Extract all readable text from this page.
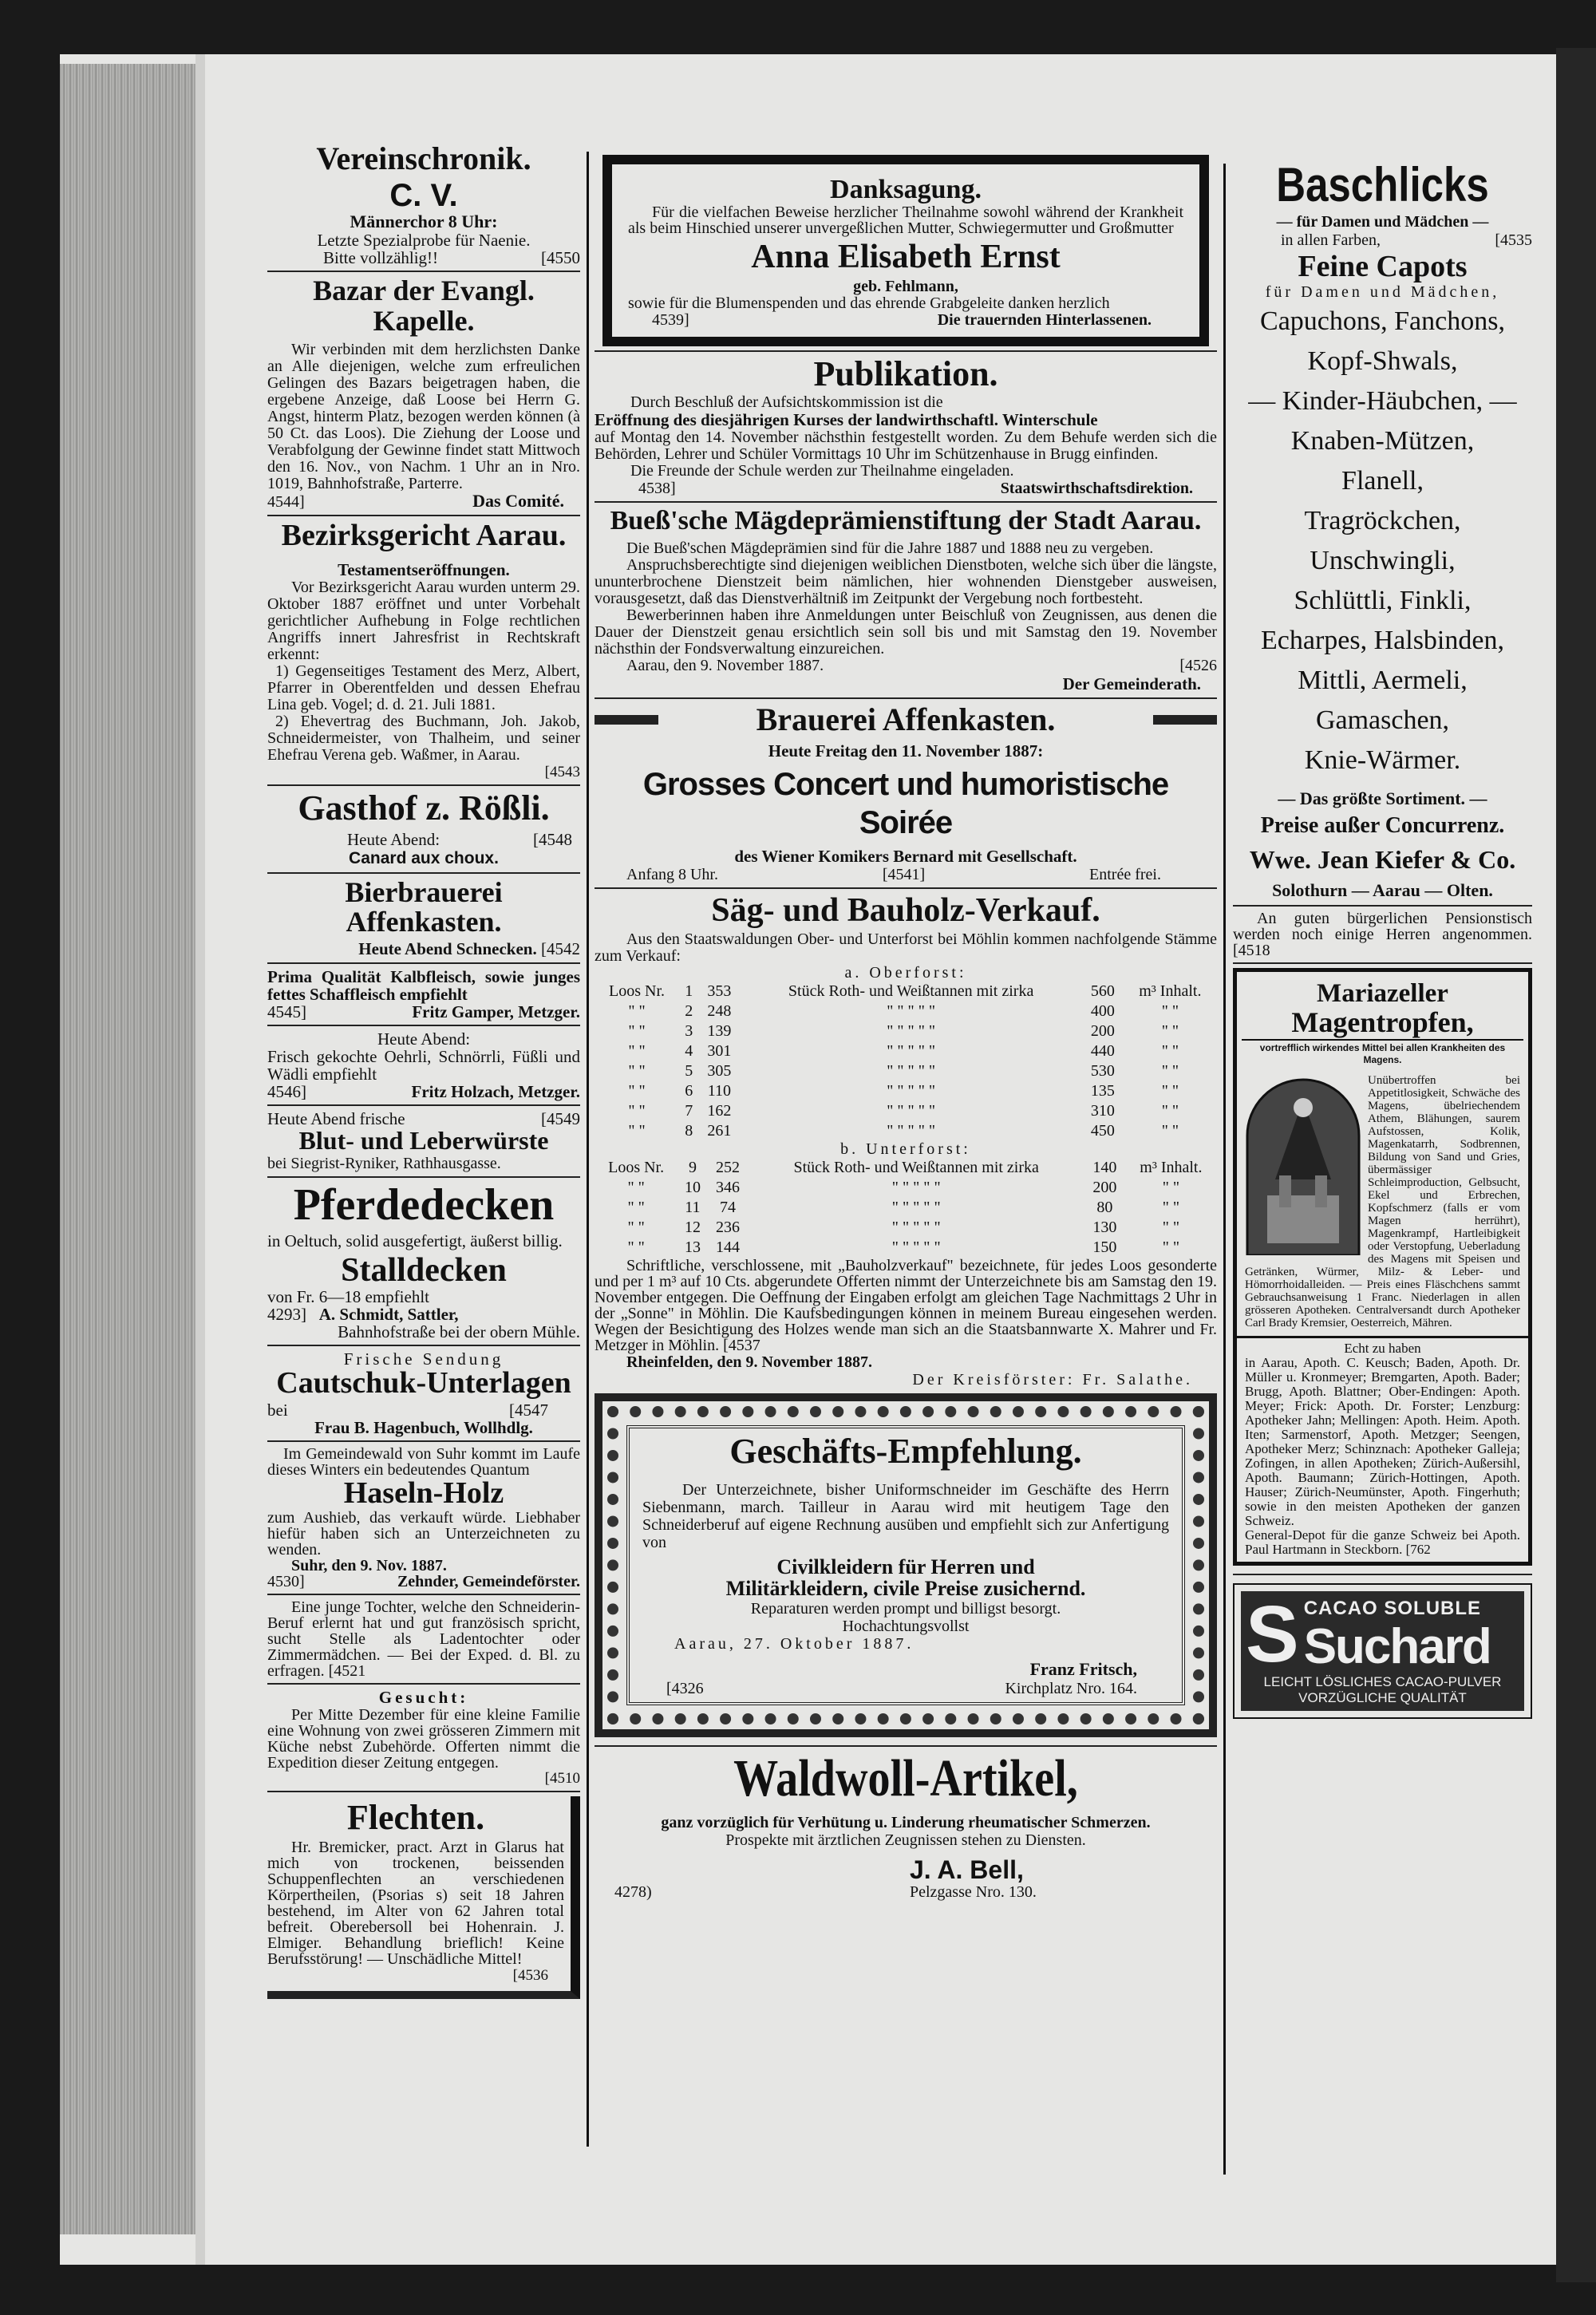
Vereinschronik.
C. V.
Männerchor 8 Uhr:
Letzte Spezialprobe für Naenie.
Bitte vollzählig!!	[4550
Bazar der Evangl. Kapelle.
Wir verbinden mit dem herzlichsten Danke an Alle diejenigen, welche zum erfreulichen Gelingen des Bazars beigetragen haben, die ergebene Anzeige, daß Loose bei Herrn G. Angst, hinterm Platz, bezogen werden können (à 50 Ct. das Loos). Die Ziehung der Loose und Verabfolgung der Gewinne findet statt Mittwoch den 16. Nov., von Nachm. 1 Uhr an in Nro. 1019, Bahnhofstraße, Parterre.
4544]	Das Comité.
Bezirksgericht Aarau.
Testamentseröffnungen.
Vor Bezirksgericht Aarau wurden unterm 29. Oktober 1887 eröffnet und unter Vorbehalt gerichtlicher Aufhebung in Folge rechtlichen Angriffs innert Jahresfrist in Rechtskraft erkennt:
1) Gegenseitiges Testament des Merz, Albert, Pfarrer in Oberentfelden und dessen Ehefrau Lina geb. Vogel; d. d. 21. Juli 1881.
2) Ehevertrag des Buchmann, Joh. Jakob, Schneidermeister, von Thalheim, und seiner Ehefrau Verena geb. Waßmer, in Aarau.
[4543
Gasthof z. Rößli.
Heute Abend:	[4548
Canard aux choux.
Bierbrauerei Affenkasten.
Heute Abend Schnecken. [4542
Prima Qualität Kalbfleisch, sowie junges fettes Schaffleisch empfiehlt
4545]	Fritz Gamper, Metzger.
Heute Abend:
Frisch gekochte Oehrli, Schnörrli, Füßli und Wädli empfiehlt
4546]	Fritz Holzach, Metzger.
Heute Abend frische	[4549
Blut- und Leberwürste
bei Siegrist-Ryniker, Rathhausgasse.
Pferdedecken
in Oeltuch, solid ausgefertigt, äußerst billig.
Stalldecken
von Fr. 6—18 empfiehlt
4293] A. Schmidt, Sattler,
Bahnhofstraße bei der obern Mühle.
Frische Sendung
Cautschuk-Unterlagen
bei	[4547
Frau B. Hagenbuch, Wollhdlg.
Im Gemeindewald von Suhr kommt im Laufe dieses Winters ein bedeutendes Quantum
Haseln-Holz
zum Aushieb, das verkauft würde. Liebhaber hiefür haben sich an Unterzeichneten zu wenden.
Suhr, den 9. Nov. 1887.
4530]	Zehnder, Gemeindeförster.
Eine junge Tochter, welche den Schneiderin-Beruf erlernt hat und gut französisch spricht, sucht Stelle als Ladentochter oder Zimmermädchen. — Bei der Exped. d. Bl. zu erfragen. [4521
Gesucht:
Per Mitte Dezember für eine kleine Familie eine Wohnung von zwei grösseren Zimmern mit Küche nebst Zubehörde. Offerten nimmt die Expedition dieser Zeitung entgegen.
[4510
Flechten.
Hr. Bremicker, pract. Arzt in Glarus hat mich von trockenen, beissenden Schuppenflechten an verschiedenen Körpertheilen, (Psorias s) seit 18 Jahren bestehend, im Alter von 62 Jahren total befreit. Oberebersoll bei Hohenrain. J. Elmiger. Behandlung brieflich! Keine Berufsstörung! — Unschädliche Mittel!
[4536
Danksagung.
Für die vielfachen Beweise herzlicher Theilnahme sowohl während der Krankheit als beim Hinschied unserer unvergeßlichen Mutter, Schwiegermutter und Großmutter
Anna Elisabeth Ernst
geb. Fehlmann,
sowie für die Blumenspenden und das ehrende Grabgeleite danken herzlich
4539]	Die trauernden Hinterlassenen.
Publikation.
Durch Beschluß der Aufsichtskommission ist die
Eröffnung des diesjährigen Kurses der landwirthschaftl. Winterschule
auf Montag den 14. November nächsthin festgestellt worden. Zu dem Behufe werden sich die Behörden, Lehrer und Schüler Vormittags 10 Uhr im Schützenhause in Brugg einfinden.
Die Freunde der Schule werden zur Theilnahme eingeladen.
4538]	Staatswirthschaftsdirektion.
Bueß'sche Mägdeprämienstiftung der Stadt Aarau.
Die Bueß'schen Mägdeprämien sind für die Jahre 1887 und 1888 neu zu vergeben.
Anspruchsberechtigte sind diejenigen weiblichen Dienstboten, welche sich über die längste, ununterbrochene Dienstzeit beim nämlichen, hier wohnenden Dienstgeber ausweisen, vorausgesetzt, daß das Dienstverhältniß im Zeitpunkt der Vergebung noch fortbesteht.
Bewerberinnen haben ihre Anmeldungen unter Beischluß von Zeugnissen, aus denen die Dauer der Dienstzeit genau ersichtlich sein soll bis und mit Samstag den 19. November nächsthin der Fondsverwaltung einzureichen.
Aarau, den 9. November 1887.	[4526
Der Gemeinderath.
Brauerei Affenkasten.
Heute Freitag den 11. November 1887:
Grosses Concert und humoristische Soirée
des Wiener Komikers Bernard mit Gesellschaft.
Anfang 8 Uhr.	[4541]	Entrée frei.
Säg- und Bauholz-Verkauf.
Aus den Staatswaldungen Ober- und Unterforst bei Möhlin kommen nachfolgende Stämme zum Verkauf:
a. Oberforst:
Loos Nr.	1	353	Stück Roth- und Weißtannen mit zirka	560	m³ Inhalt.
" "	2	248	" " " " "	400	" "
" "	3	139	" " " " "	200	" "
" "	4	301	" " " " "	440	" "
" "	5	305	" " " " "	530	" "
" "	6	110	" " " " "	135	" "
" "	7	162	" " " " "	310	" "
" "	8	261	" " " " "	450	" "
b. Unterforst:
Loos Nr.	9	252	Stück Roth- und Weißtannen mit zirka	140	m³ Inhalt.
" "	10	346	" " " " "	200	" "
" "	11	74	" " " " "	80	" "
" "	12	236	" " " " "	130	" "
" "	13	144	" " " " "	150	" "
Schriftliche, verschlossene, mit „Bauholzverkauf" bezeichnete, für jedes Loos gesonderte und per 1 m³ auf 10 Cts. abgerundete Offerten nimmt der Unterzeichnete bis am Samstag den 19. November entgegen. Die Oeffnung der Eingaben erfolgt am gleichen Tage Nachmittags 2 Uhr in der „Sonne" in Möhlin. Die Kaufsbedingungen können in meinem Bureau eingesehen werden. Wegen der Besichtigung des Holzes wende man sich an die Staatsbannwarte X. Mahrer und Fr. Metzger in Möhlin. [4537
Rheinfelden, den 9. November 1887.
Der Kreisförster: Fr. Salathe.
Geschäfts-Empfehlung.
Der Unterzeichnete, bisher Uniformschneider im Geschäfte des Herrn Siebenmann, march. Tailleur in Aarau wird mit heutigem Tage den Schneiderberuf auf eigene Rechnung ausüben und empfiehlt sich zur Anfertigung von
Civilkleidern für Herren und
Militärkleidern, civile Preise zusichernd.
Reparaturen werden prompt und billigst besorgt.
Hochachtungsvollst
Aarau, 27. Oktober 1887.
Franz Fritsch,
[4326	Kirchplatz Nro. 164.
Waldwoll-Artikel,
ganz vorzüglich für Verhütung u. Linderung rheumatischer Schmerzen.
Prospekte mit ärztlichen Zeugnissen stehen zu Diensten.
J. A. Bell,
4278)	Pelzgasse Nro. 130.
Baschlicks
— für Damen und Mädchen —
in allen Farben,	[4535
Feine Capots
für Damen und Mädchen,
Capuchons, Fanchons,
Kopf-Shwals,
— Kinder-Häubchen, —
Knaben-Mützen,
Flanell,
Tragröckchen,
Unschwingli,
Schlüttli, Finkli,
Echarpes, Halsbinden,
Mittli, Aermeli,
Gamaschen,
Knie-Wärmer.
— Das größte Sortiment. —
Preise außer Concurrenz.
Wwe. Jean Kiefer & Co.
Solothurn — Aarau — Olten.
An guten bürgerlichen Pensionstisch werden noch einige Herren angenommen. [4518
Mariazeller
Magentropfen,
vortrefflich wirkendes Mittel bei allen Krankheiten des Magens.
Unübertroffen bei Appetitlosigkeit, Schwäche des Magens, übelriechendem Athem, Blähungen, saurem Aufstossen, Kolik, Magenkatarrh, Sodbrennen, Bildung von Sand und Gries, übermässiger Schleimproduction, Gelbsucht, Ekel und Erbrechen, Kopfschmerz (falls er vom Magen herrührt), Magenkrampf, Hartleibigkeit oder Verstopfung, Ueberladung des Magens mit Speisen und Getränken, Würmer, Milz- & Leber- und Hömorrhoidalleiden. — Preis eines Fläschchens sammt Gebrauchsanweisung 1 Franc. Niederlagen in allen grösseren Apotheken. Centralversandt durch Apotheker Carl Brady Kremsier, Oesterreich, Mähren.
Echt zu haben
in Aarau, Apoth. C. Keusch; Baden, Apoth. Dr. Müller u. Kronmeyer; Bremgarten, Apoth. Bader; Brugg, Apoth. Blattner; Ober-Endingen: Apoth. Meyer; Frick: Apoth. Dr. Forster; Lenzburg: Apotheker Jahn; Mellingen: Apoth. Heim. Apoth. Iten; Sarmenstorf, Apoth. Metzger; Seengen, Apotheker Merz; Schinznach: Apotheker Galleja; Zofingen, in allen Apotheken; Zürich-Außersihl, Apoth. Baumann; Zürich-Hottingen, Apoth. Hauser; Zürich-Neumünster, Apoth. Fingerhuth; sowie in den meisten Apotheken der ganzen Schweiz.
General-Depot für die ganze Schweiz bei Apoth. Paul Hartmann in Steckborn. [762
S CACAO SOLUBLE
Suchard
LEICHT LÖSLICHES CACAO-PULVER
VORZÜGLICHE QUALITÄT
